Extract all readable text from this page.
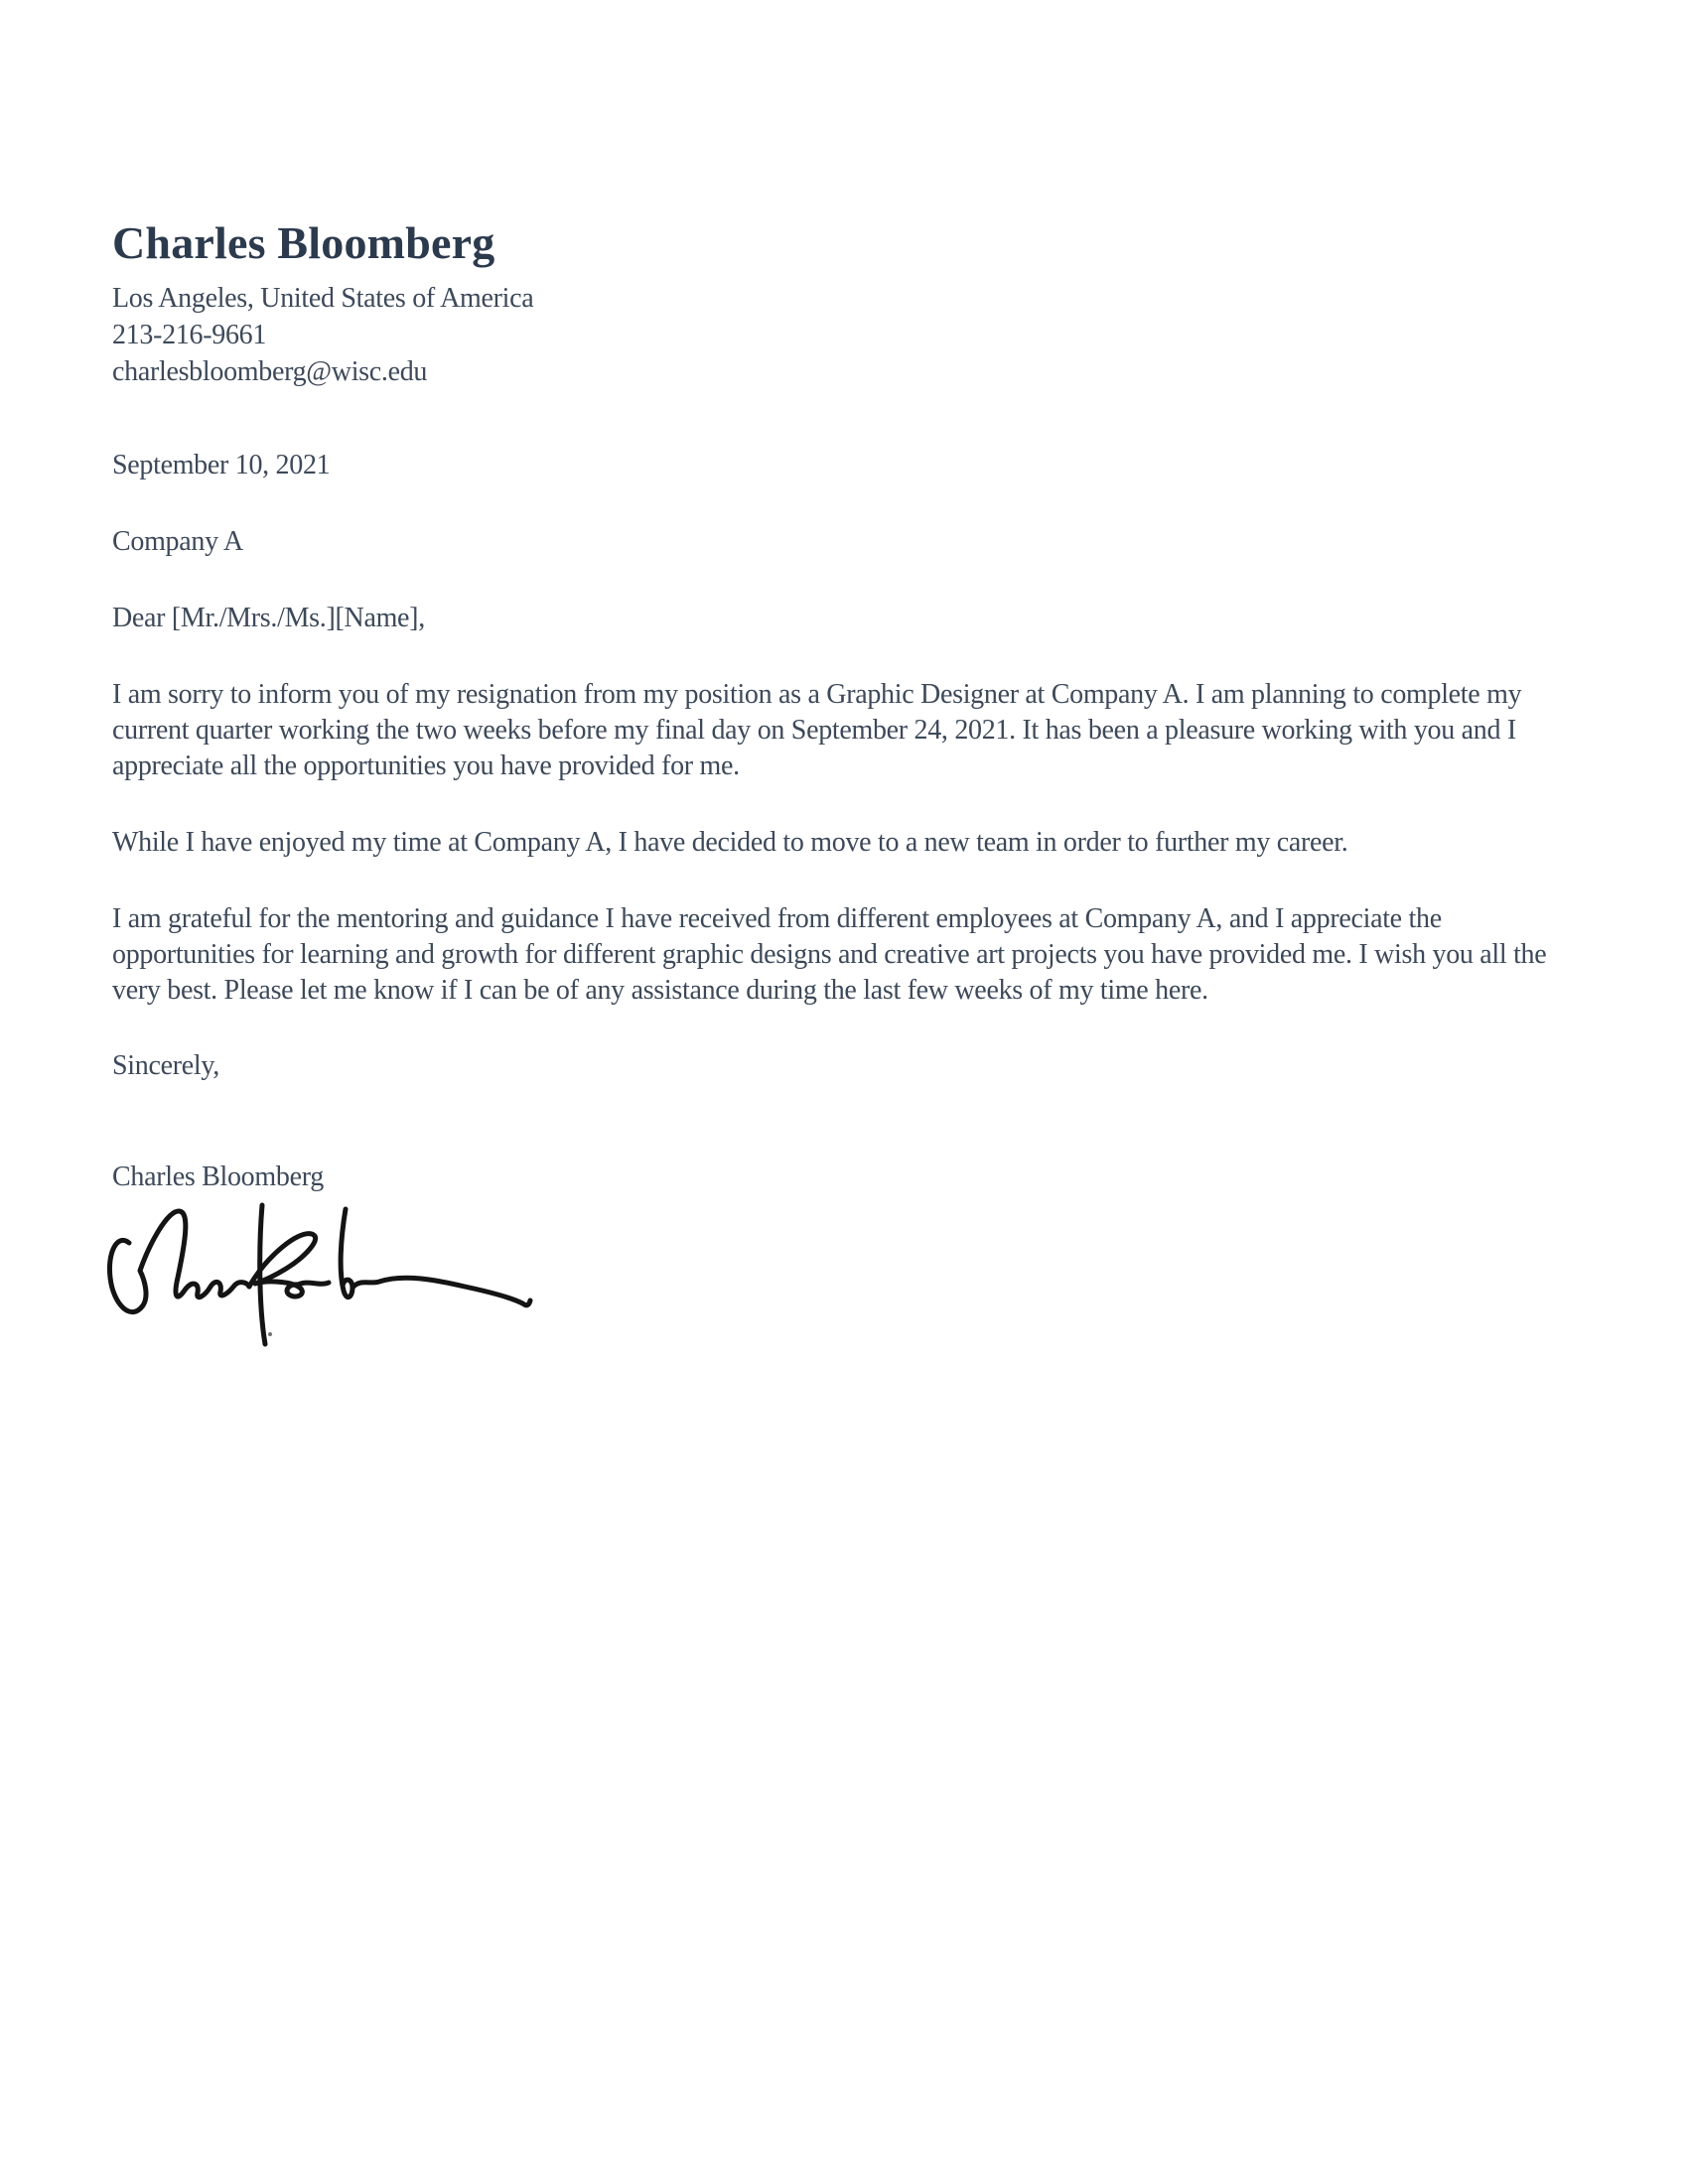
Charles Bloomberg
Los Angeles, United States of America
213-216-9661
charlesbloomberg@wisc.edu
September 10, 2021
Company A
Dear [Mr./Mrs./Ms.][Name],

I am sorry to inform you of my resignation from my position as a Graphic Designer at Company A. I am planning to complete my current quarter working the two weeks before my final day on September 24, 2021. It has been a pleasure working with you and I appreciate all the opportunities you have provided for me.

While I have enjoyed my time at Company A, I have decided to move to a new team in order to further my career.

I am grateful for the mentoring and guidance I have received from different employees at Company A, and I appreciate the opportunities for learning and growth for different graphic designs and creative art projects you have provided me. I wish you all the very best. Please let me know if I can be of any assistance during the last few weeks of my time here.

Sincerely,
Charles Bloomberg
